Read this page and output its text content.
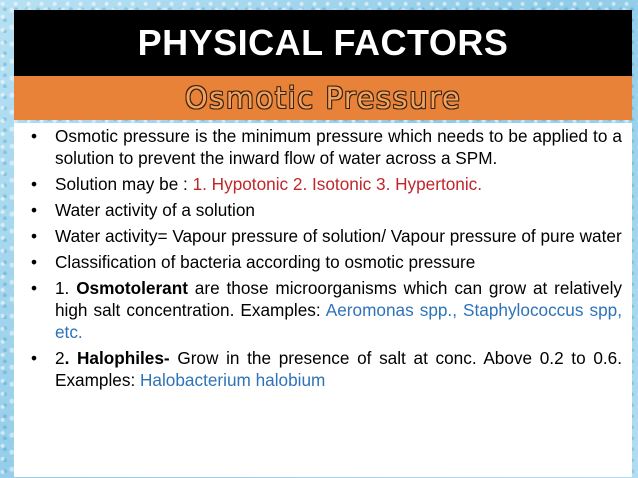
PHYSICAL FACTORS
Osmotic Pressure
•	Osmotic pressure is the minimum pressure which needs to be applied to a solution to prevent the inward flow of water across a SPM.
•	Solution may be : 1. Hypotonic 2. Isotonic 3. Hypertonic.
•	Water activity of a solution
•	Water activity= Vapour pressure of solution/ Vapour pressure of pure water
•	Classification of bacteria according to osmotic pressure
•	1. Osmotolerant are those microorganisms which can grow at relatively high salt concentration. Examples: Aeromonas spp., Staphylococcus spp, etc.
•	2. Halophiles- Grow in the presence of salt at conc. Above 0.2 to 0.6. Examples: Halobacterium halobium
